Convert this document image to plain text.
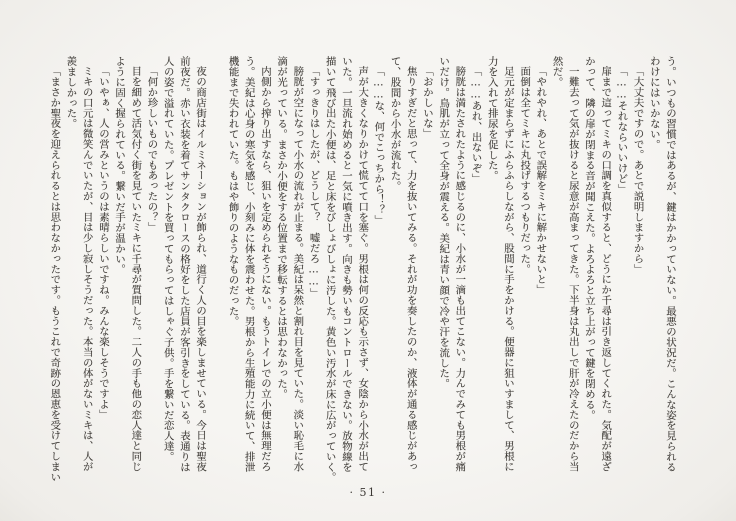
う。いつもの習慣ではあるが、鍵はかかっていない。最悪の状況だ。こんな姿を見られる
わけにはいかない。
「大丈夫ですので。あとで説明しますから」
「……それならいいけど」
扉まで這ってミキの口調を真似すると、どうにか千尋は引き返してくれた。気配が遠ざ
かって、隣の扉が閉まる音が聞こえた。よろよろと立ち上がって鍵を閉める。
一難去って気が抜けると尿意が高まってきた。下半身は丸出しで肝が冷えたのだから当
然だ。
「やれやれ、あとで誤解をミキに解かせないと」
面倒は全てミキに丸投げするつもりだった。
足元が定まらずにふらふらしながら、股間に手をかける。便器に狙いすまして、男根に
力を入れて排尿を促した。
「……あれ、出ないぞ」
膀胱は満たされたように感じるのに、小水が一滴も出てこない。力んでみても男根が痛
いだけ。鳥肌が立って全身が震える。美紀は青い顔で冷や汗を流した。
「おかしいな」
焦りすぎだと思って、力を抜いてみる。それが功を奏したのか、液体が通る感じがあっ
て、股間から小水が流れた。
「……な、何でこっちから！？」
声が大きくなりかけて慌てて口を塞ぐ。男根は何の反応も示さず、女陰から小水が出て
いた。一旦流れ始めると一気に噴き出す。向きも勢いもコントロールできない。放物線を
描いて飛び出た小便は、足と床をびしょびしょに汚した。黄色い汚水が床に広がっていく。
「すっきりはしたが、どうして？　嘘だろ……」
膀胱が空になって小水の流れが止まる。美紀は呆然と割れ目を見ていた。淡い恥毛に水
滴が光っている。まさか小便をする位置まで移転するとは思わなかった。
内側から搾り出すなら、狙いを定められそうにない。もうトイレでの立小便は無理だろ
う。美紀は心身の寒気を感じ、小刻みに体を震わせた。男根から生殖能力に続いて、排泄
機能まで失われていた。もはや飾りのようなものだった。

夜の商店街はイルミネーションが飾られ、道行く人の目を楽しませている。今日は聖夜
前夜だ。赤い衣装を着てサンタクロースの格好をした店員が客引きをしている。表通りは
人の姿で溢れていた。プレゼントを買ってもらってはしゃぐ子供。手を繋いだ恋人達。
「何か珍しいものでもあったの？」
目を細めて活気付く街を見ていたミキに千尋が質問した。二人の手も他の恋人達と同じ
ように固く握られている。繋いだ手が温かい。
「いやぁ、人の営みというのは素晴らしいですね。みんな楽しそうですよ」
ミキの口元は微笑んでいたが、目は少し寂しそうだった。本当の体がないミキは、人が
羨ましかった。
「まさか聖夜を迎えられるとは思わなかったです。もうこれで奇跡の恩恵を受けてしまい
· 51 ·
